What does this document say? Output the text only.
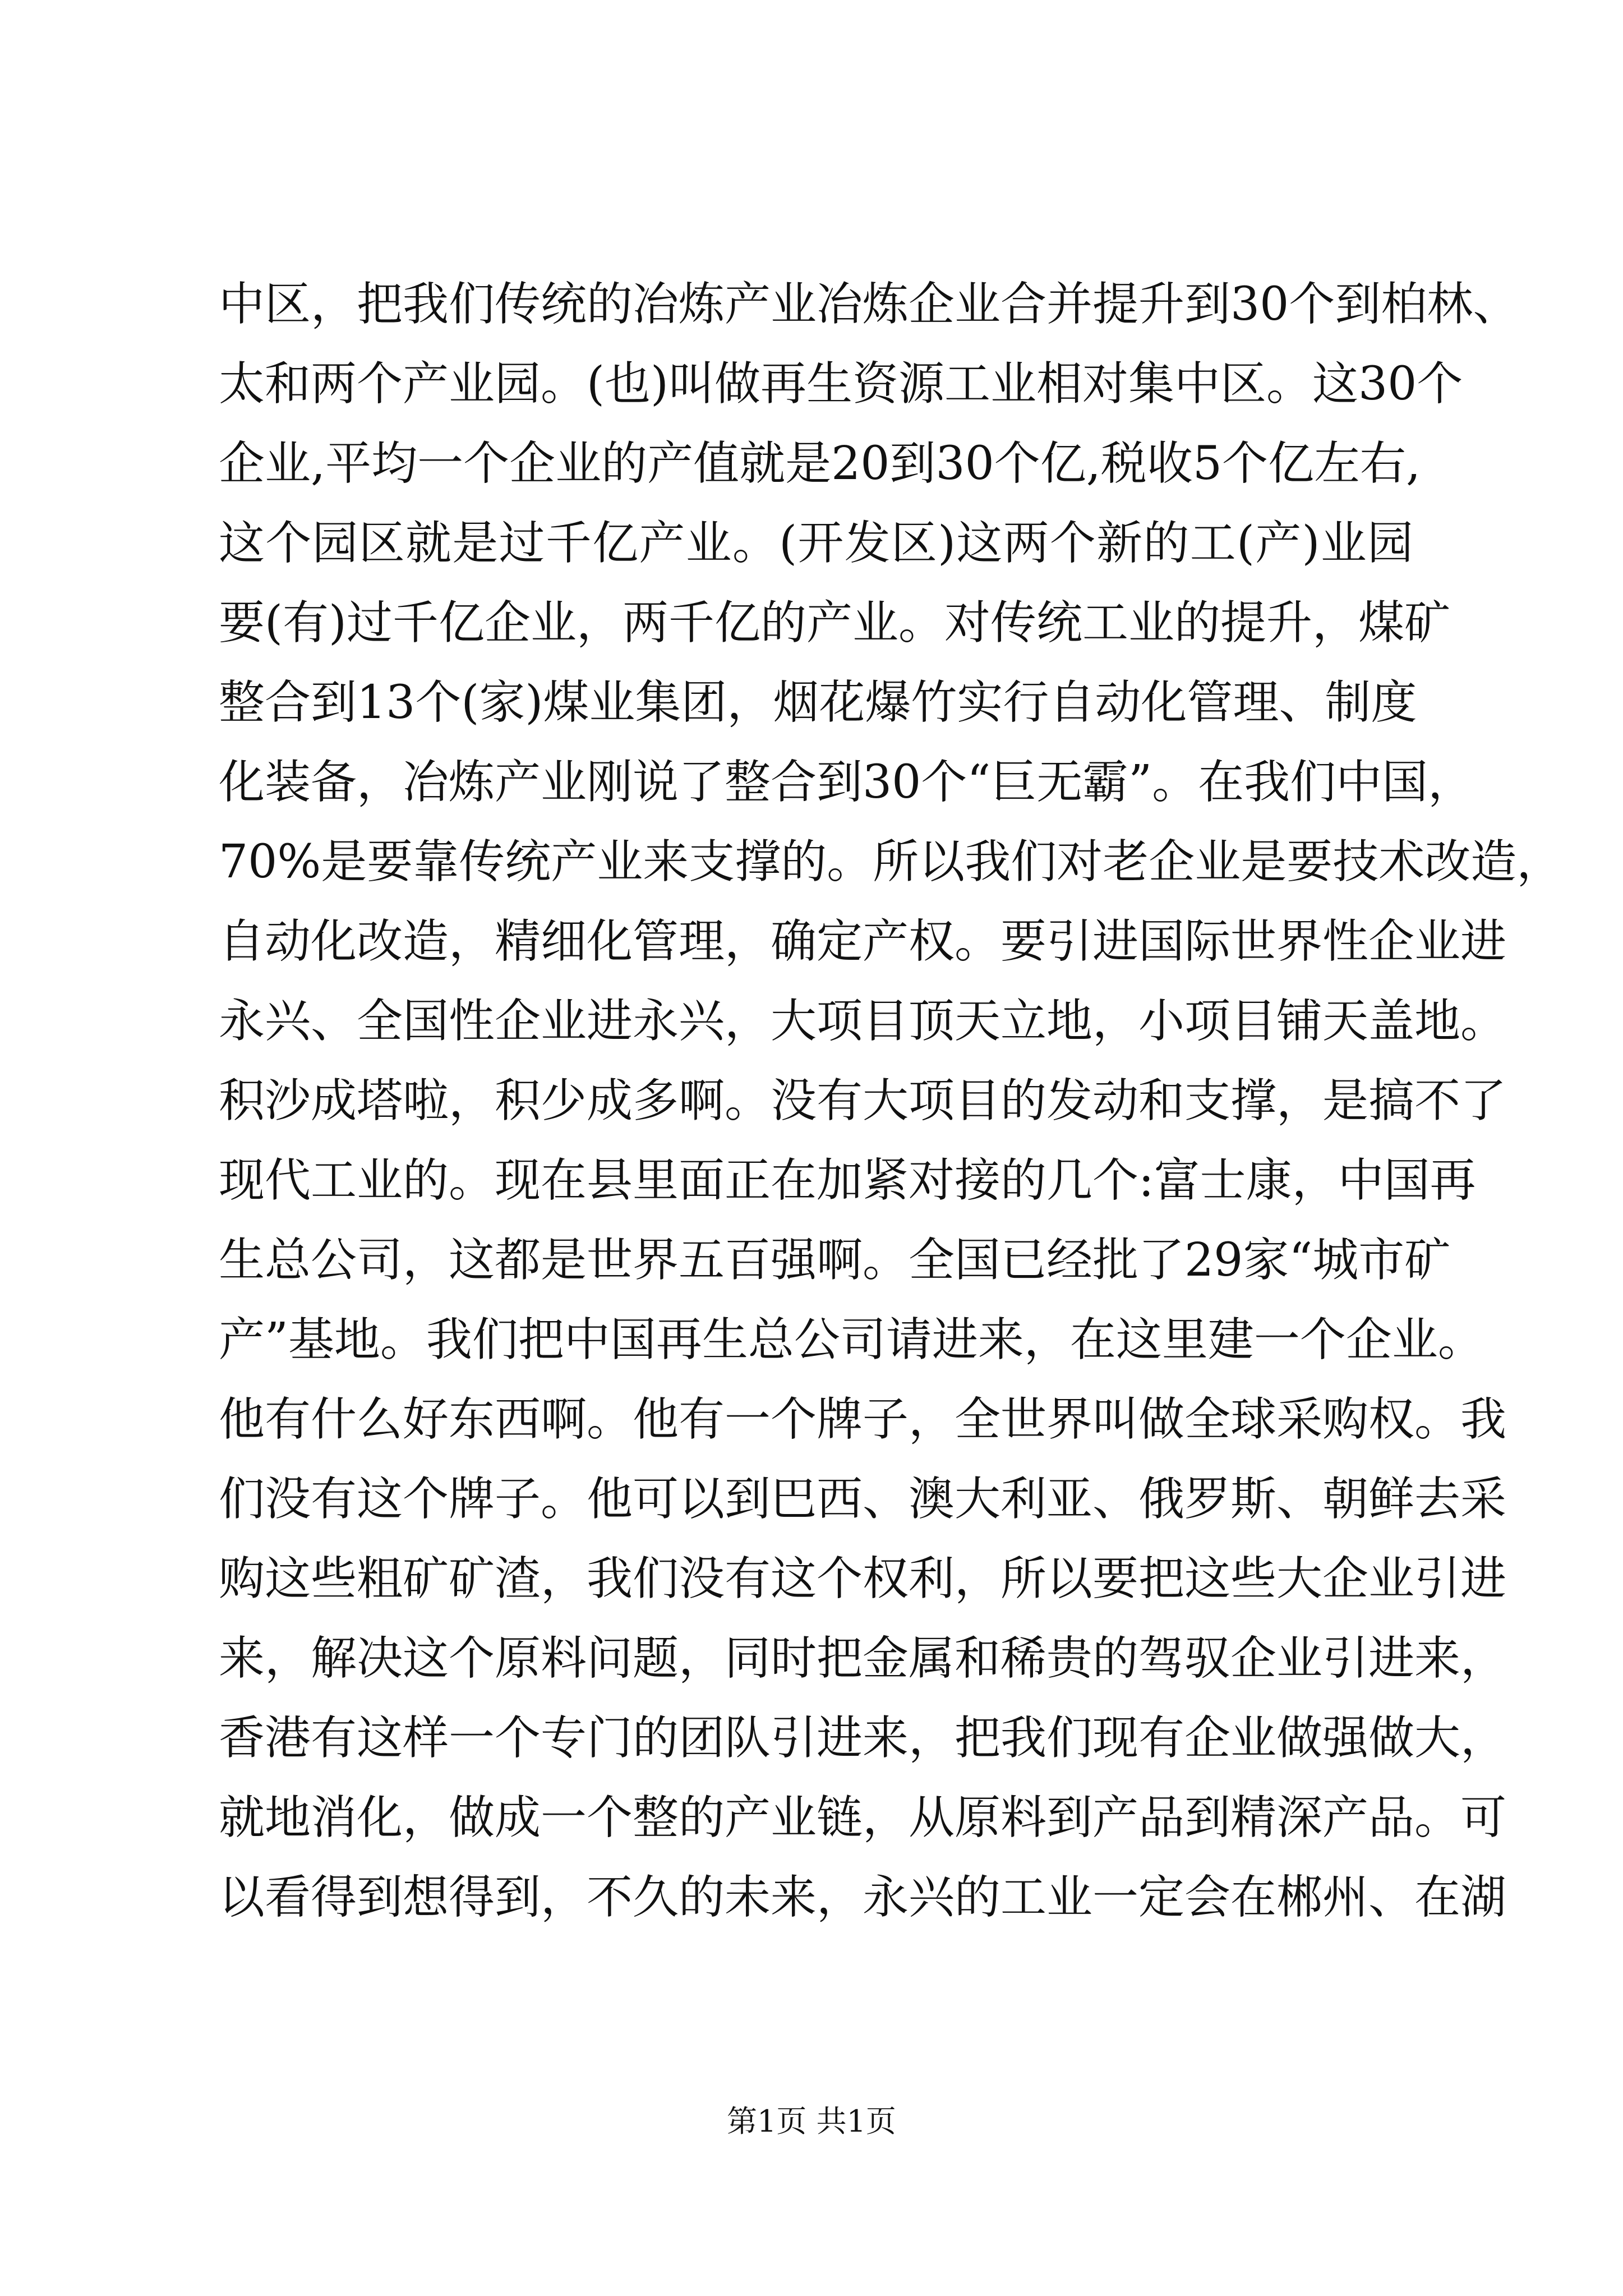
中区，把我们传统的冶炼产业冶炼企业合并提升到30个到柏林、
太和两个产业园。(也)叫做再生资源工业相对集中区。这30个
企业,平均一个企业的产值就是20到30个亿,税收5个亿左右,
这个园区就是过千亿产业。(开发区)这两个新的工(产)业园
要(有)过千亿企业，两千亿的产业。对传统工业的提升，煤矿
整合到13个(家)煤业集团，烟花爆竹实行自动化管理、制度
化装备，冶炼产业刚说了整合到30个“巨无霸”。在我们中国，
70%是要靠传统产业来支撑的。所以我们对老企业是要技术改造，
自动化改造，精细化管理，确定产权。要引进国际世界性企业进
永兴、全国性企业进永兴，大项目顶天立地，小项目铺天盖地。
积沙成塔啦，积少成多啊。没有大项目的发动和支撑，是搞不了
现代工业的。现在县里面正在加紧对接的几个:富士康，中国再
生总公司，这都是世界五百强啊。全国已经批了29家“城市矿
产”基地。我们把中国再生总公司请进来，在这里建一个企业。
他有什么好东西啊。他有一个牌子，全世界叫做全球采购权。我
们没有这个牌子。他可以到巴西、澳大利亚、俄罗斯、朝鲜去采
购这些粗矿矿渣，我们没有这个权利，所以要把这些大企业引进
来，解决这个原料问题，同时把金属和稀贵的驾驭企业引进来，
香港有这样一个专门的团队引进来，把我们现有企业做强做大，
就地消化，做成一个整的产业链，从原料到产品到精深产品。可
以看得到想得到，不久的未来，永兴的工业一定会在郴州、在湖
第1页 共1页
